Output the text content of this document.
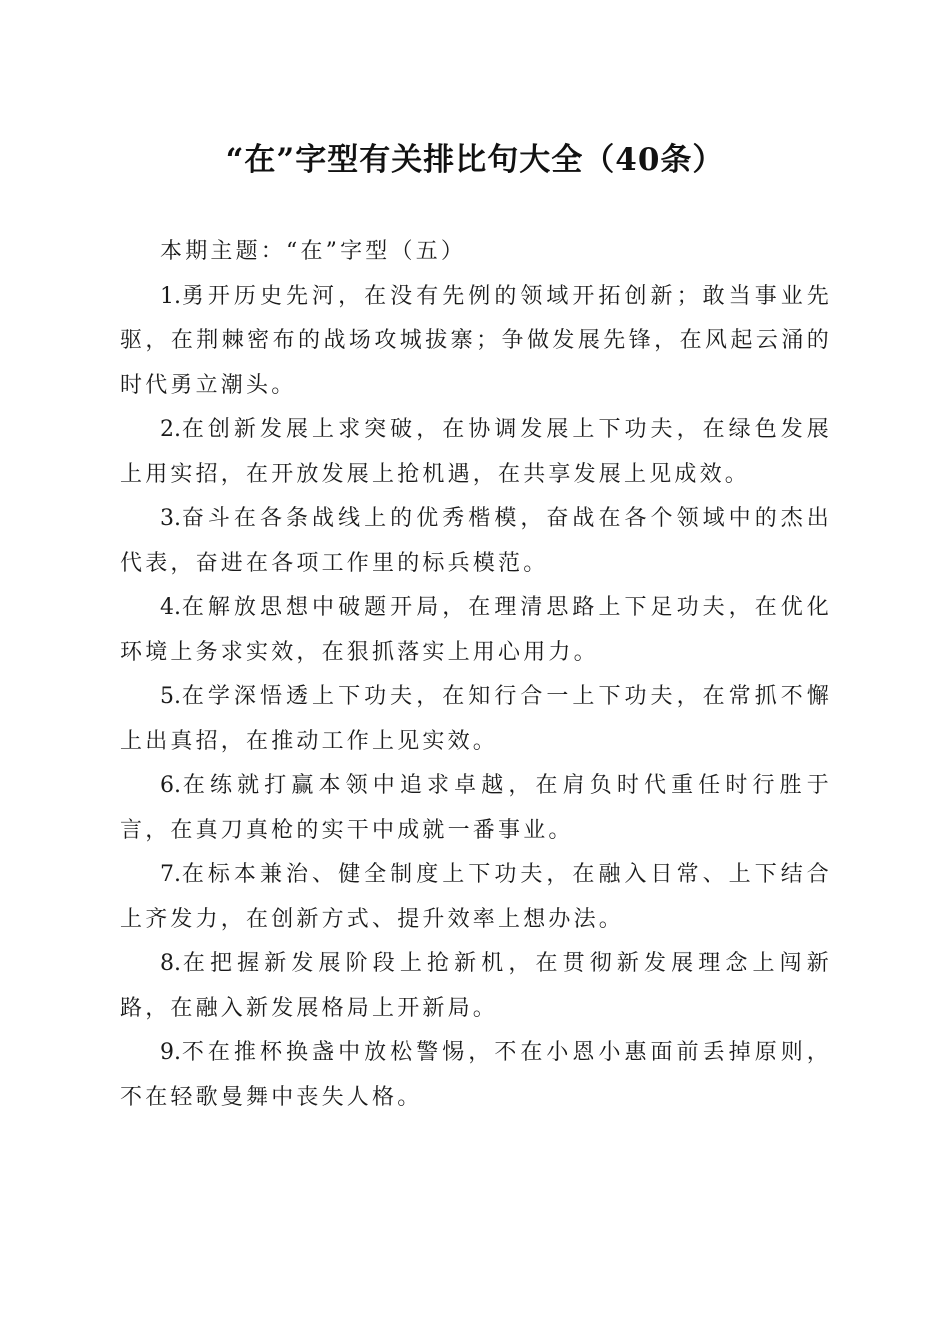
“在”字型有关排比句大全（40条）

本期主题：“在”字型（五）

1.勇开历史先河，在没有先例的领域开拓创新；敢当事业先驱，在荆棘密布的战场攻城拔寨；争做发展先锋，在风起云涌的时代勇立潮头。

2.在创新发展上求突破，在协调发展上下功夫，在绿色发展上用实招，在开放发展上抢机遇，在共享发展上见成效。

3.奋斗在各条战线上的优秀楷模，奋战在各个领域中的杰出代表，奋进在各项工作里的标兵模范。

4.在解放思想中破题开局，在理清思路上下足功夫，在优化环境上务求实效，在狠抓落实上用心用力。

5.在学深悟透上下功夫，在知行合一上下功夫，在常抓不懈上出真招，在推动工作上见实效。

6.在练就打赢本领中追求卓越，在肩负时代重任时行胜于言，在真刀真枪的实干中成就一番事业。

7.在标本兼治、健全制度上下功夫，在融入日常、上下结合上齐发力，在创新方式、提升效率上想办法。

8.在把握新发展阶段上抢新机，在贯彻新发展理念上闯新路，在融入新发展格局上开新局。

9.不在推杯换盏中放松警惕，不在小恩小惠面前丢掉原则，不在轻歌曼舞中丧失人格。
